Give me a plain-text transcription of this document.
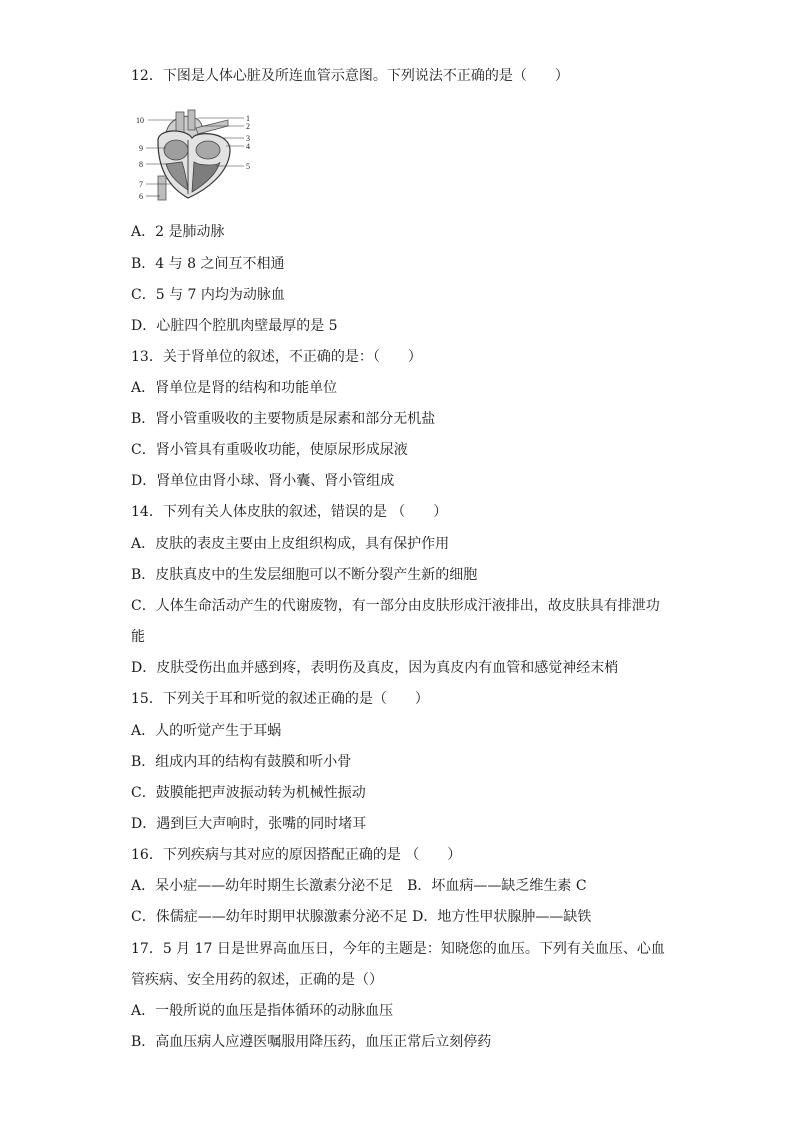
12．下图是人体心脏及所连血管示意图。下列说法不正确的是（　　）
1
2
3
4
5
6
7
8
9
10
A．2 是肺动脉
B．4 与 8 之间互不相通
C．5 与 7 内均为动脉血
D．心脏四个腔肌肉壁最厚的是 5
13．关于肾单位的叙述，不正确的是：（　　）
A．肾单位是肾的结构和功能单位
B．肾小管重吸收的主要物质是尿素和部分无机盐
C．肾小管具有重吸收功能，使原尿形成尿液
D．肾单位由肾小球、肾小囊、肾小管组成
14．下列有关人体皮肤的叙述，错误的是 （　　）
A．皮肤的表皮主要由上皮组织构成，具有保护作用
B．皮肤真皮中的生发层细胞可以不断分裂产生新的细胞
C．人体生命活动产生的代谢废物，有一部分由皮肤形成汗液排出，故皮肤具有排泄功
能
D．皮肤受伤出血并感到疼，表明伤及真皮，因为真皮内有血管和感觉神经末梢
15．下列关于耳和听觉的叙述正确的是（　　）
A．人的听觉产生于耳蜗
B．组成内耳的结构有鼓膜和听小骨
C．鼓膜能把声波振动转为机械性振动
D．遇到巨大声响时，张嘴的同时堵耳
16．下列疾病与其对应的原因搭配正确的是 （　　）
A．呆小症——幼年时期生长激素分泌不足　B．坏血病——缺乏维生素 C
C．侏儒症——幼年时期甲状腺激素分泌不足 D．地方性甲状腺肿——缺铁
17．5 月 17 日是世界高血压日，今年的主题是：知晓您的血压。下列有关血压、心血
管疾病、安全用药的叙述，正确的是（）
A．一般所说的血压是指体循环的动脉血压
B．高血压病人应遵医嘱服用降压药，血压正常后立刻停药
